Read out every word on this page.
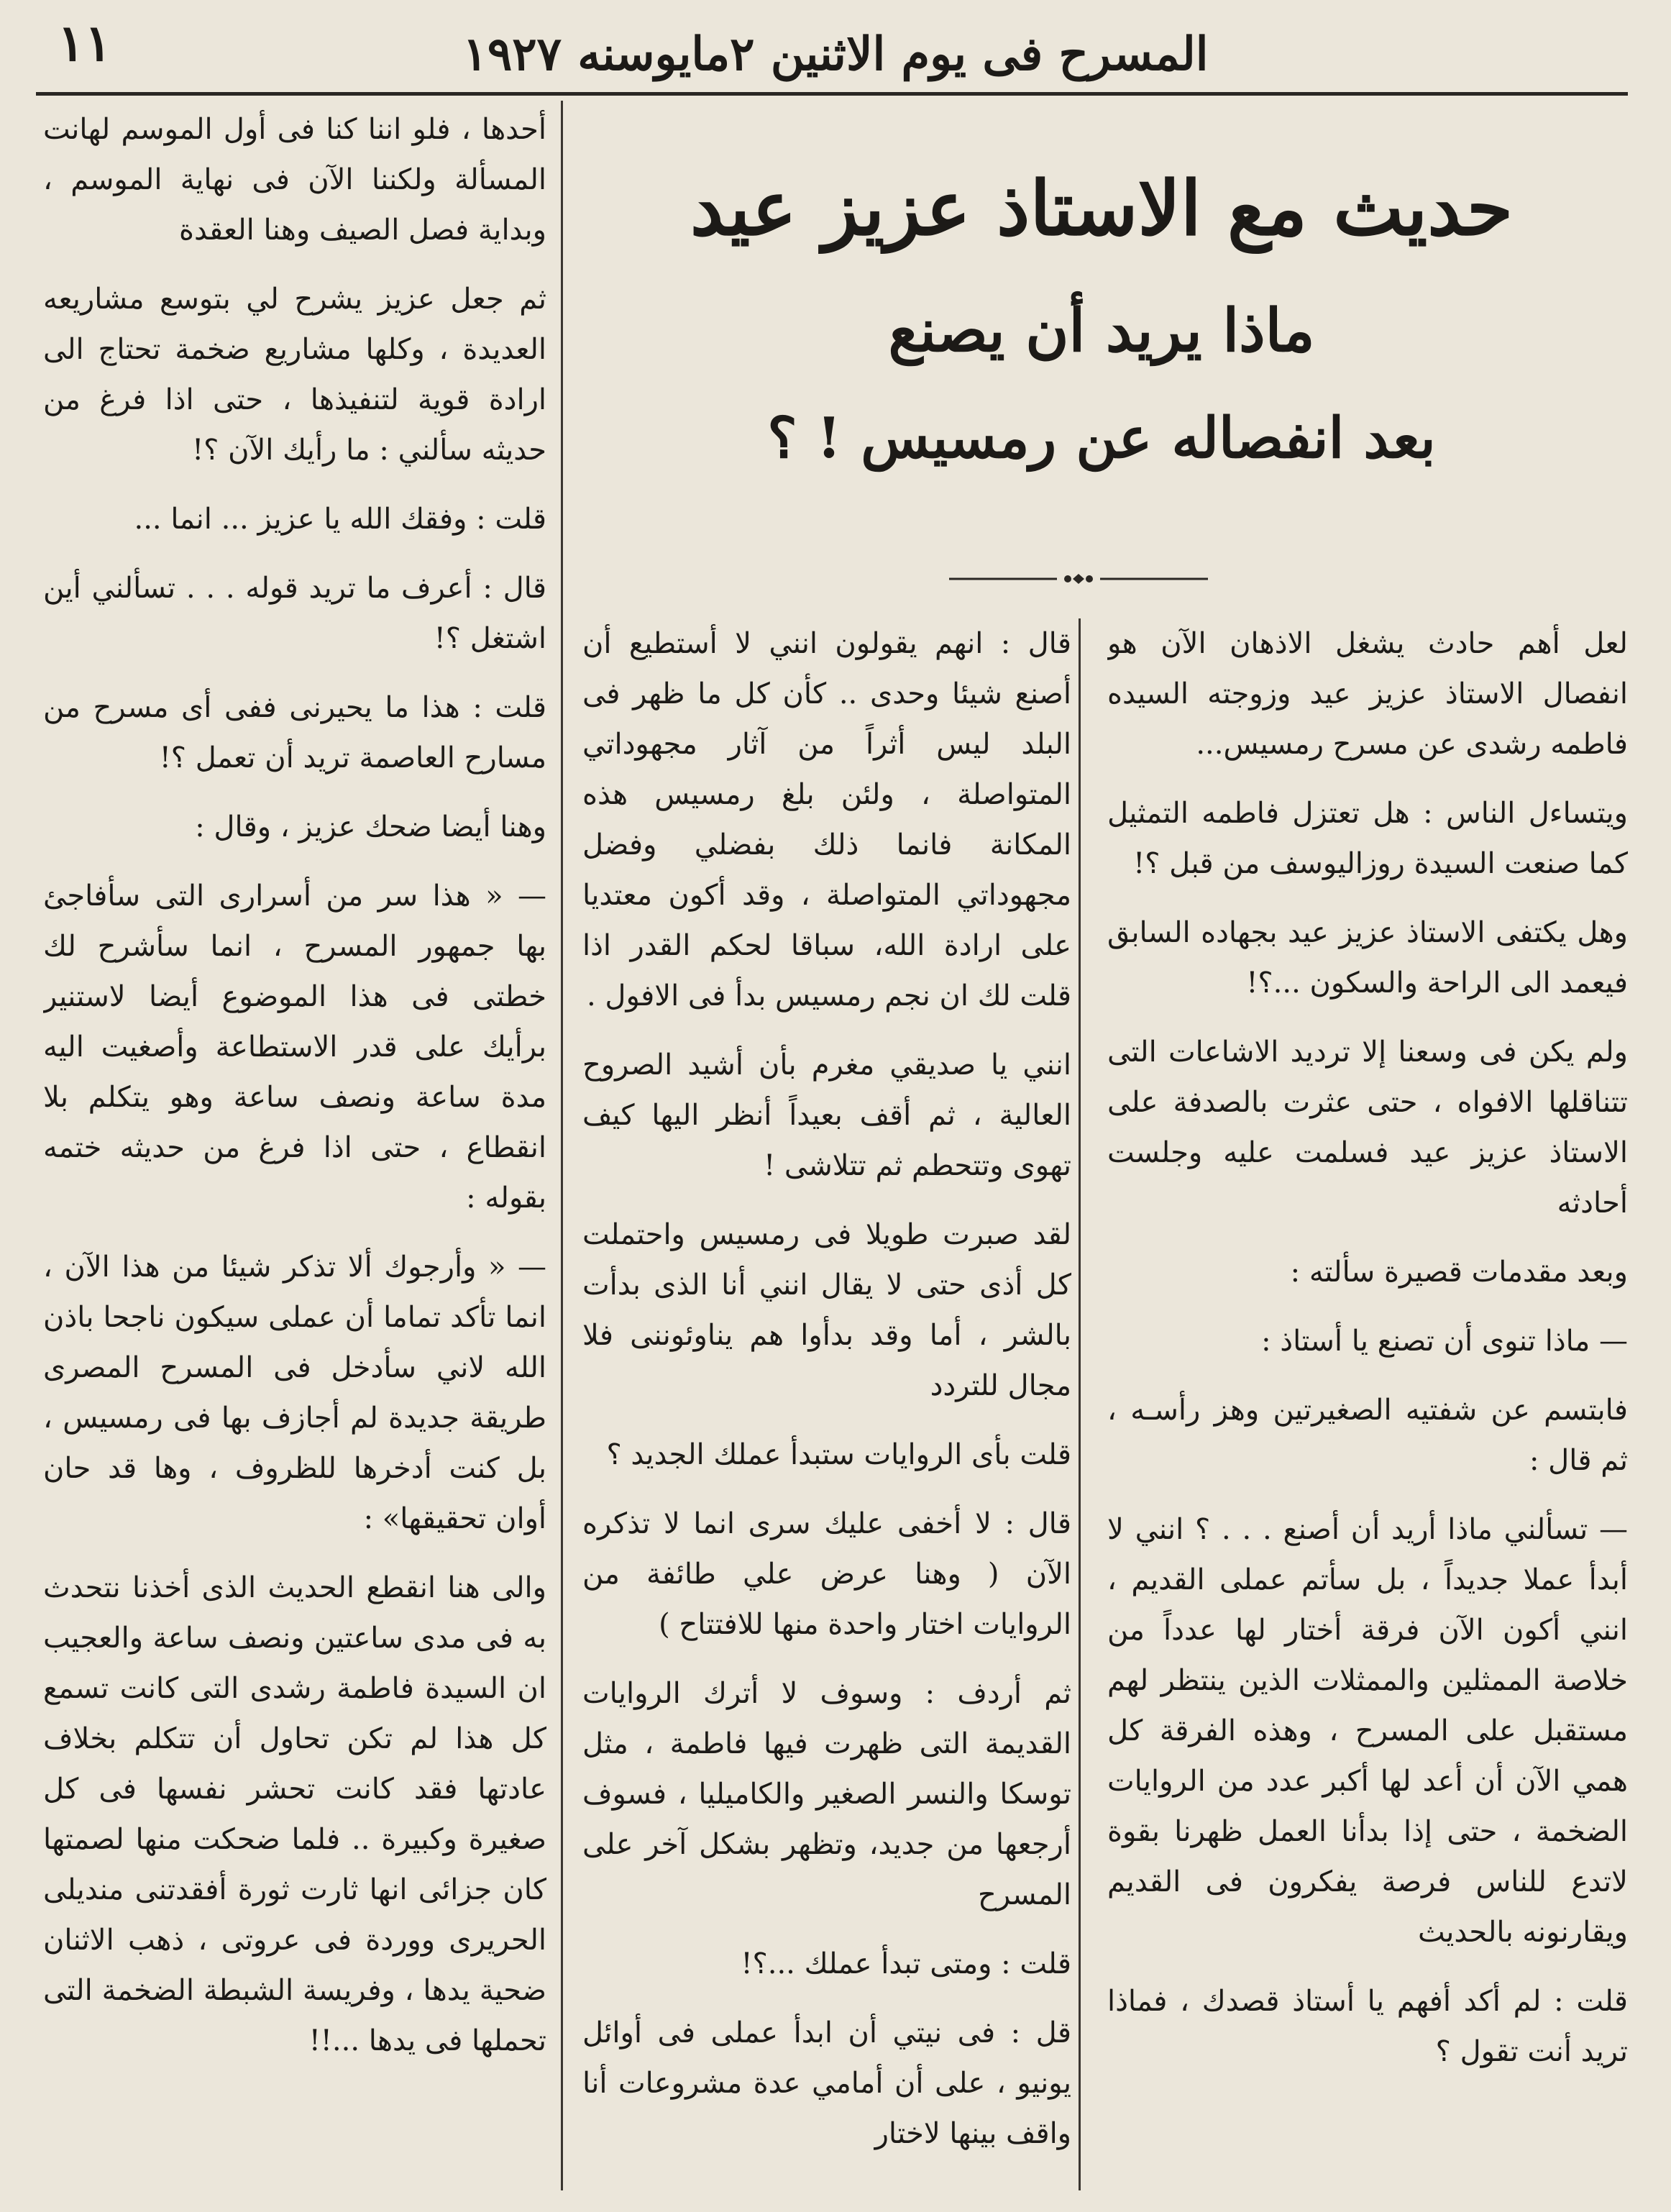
المسرح فى يوم الاثنين ٢مايوسنه ١٩٢٧
١١
حديث مع الاستاذ عزيز عيد
ماذا يريد أن يصنع
بعد انفصاله عن رمسيس ! ؟

لعل أهم حادث يشغل الاذهان الآن هو انفصال الاستاذ عزيز عيد وزوجته السيده فاطمه رشدى عن مسرح رمسيس...

ويتساءل الناس : هل تعتزل فاطمه التمثيل كما صنعت السيدة روزاليوسف من قبل ؟!

وهل يكتفى الاستاذ عزيز عيد بجهاده السابق فيعمد الى الراحة والسكون ...؟!

ولم يكن فى وسعنا إلا ترديد الاشاعات التى تتناقلها الافواه ، حتى عثرت بالصدفة على الاستاذ عزيز عيد فسلمت عليه وجلست أحادثه

وبعد مقدمات قصيرة سألته :

— ماذا تنوى أن تصنع يا أستاذ :

فابتسم عن شفتيه الصغيرتين وهز رأسـه ، ثم قال :

— تسألني ماذا أريد أن أصنع . . . ؟ انني لا أبدأ عملا جديداً ، بل سأتم عملى القديم ، انني أكون الآن فرقة أختار لها عدداً من خلاصة الممثلين والممثلات الذين ينتظر لهم مستقبل على المسرح ، وهذه الفرقة كل همي الآن أن أعد لها أكبر عدد من الروايات الضخمة ، حتى إذا بدأنا العمل ظهرنا بقوة لاتدع للناس فرصة يفكرون فى القديم ويقارنونه بالحديث

قلت : لم أكد أفهم يا أستاذ قصدك ، فماذا تريد أنت تقول ؟

قال : انهم يقولون انني لا أستطيع أن أصنع شيئا وحدى .. كأن كل ما ظهر فى البلد ليس أثراً من آثار مجهوداتي المتواصلة ، ولئن بلغ رمسيس هذه المكانة فانما ذلك بفضلي وفضل مجهوداتي المتواصلة ، وقد أكون معتديا على ارادة الله، سباقا لحكم القدر اذا قلت لك ان نجم رمسيس بدأ فى الافول .

انني يا صديقي مغرم بأن أشيد الصروح العالية ، ثم أقف بعيداً أنظر اليها كيف تهوى وتتحطم ثم تتلاشى !

لقد صبرت طويلا فى رمسيس واحتملت كل أذى حتى لا يقال انني أنا الذى بدأت بالشر ، أما وقد بدأوا هم يناوئوننى فلا مجال للتردد

قلت بأى الروايات ستبدأ عملك الجديد ؟

قال : لا أخفى عليك سرى انما لا تذكره الآن ( وهنا عرض علي طائفة من الروايات اختار واحدة منها للافتتاح )

ثم أردف : وسوف لا أترك الروايات القديمة التى ظهرت فيها فاطمة ، مثل توسكا والنسر الصغير والكاميليا ، فسوف أرجعها من جديد، وتظهر بشكل آخر على المسرح

قلت : ومتى تبدأ عملك ...؟!

قل : فى نيتي أن ابدأ عملى فى أوائل يونيو ، على أن أمامي عدة مشروعات أنا واقف بينها لاختار

أحدها ، فلو اننا كنا فى أول الموسم لهانت المسألة ولكننا الآن فى نهاية الموسم ، وبداية فصل الصيف وهنا العقدة

ثم جعل عزيز يشرح لي بتوسع مشاريعه العديدة ، وكلها مشاريع ضخمة تحتاج الى ارادة قوية لتنفيذها ، حتى اذا فرغ من حديثه سألني : ما رأيك الآن ؟!

قلت : وفقك الله يا عزيز ... انما ...

قال : أعرف ما تريد قوله . . . تسألني أين اشتغل ؟!

قلت : هذا ما يحيرنى ففى أى مسرح من مسارح العاصمة تريد أن تعمل ؟!

وهنا أيضا ضحك عزيز ، وقال :

— « هذا سر من أسرارى التى سأفاجئ بها جمهور المسرح ، انما سأشرح لك خطتى فى هذا الموضوع أيضا لاستنير برأيك على قدر الاستطاعة وأصغيت اليه مدة ساعة ونصف ساعة وهو يتكلم بلا انقطاع ، حتى اذا فرغ من حديثه ختمه بقوله :

— « وأرجوك ألا تذكر شيئا من هذا الآن ، انما تأكد تماما أن عملى سيكون ناجحا باذن الله لاني سأدخل فى المسرح المصرى طريقة جديدة لم أجازف بها فى رمسيس ، بل كنت أدخرها للظروف ، وها قد حان أوان تحقيقها» :

والى هنا انقطع الحديث الذى أخذنا نتحدث به فى مدى ساعتين ونصف ساعة والعجيب ان السيدة فاطمة رشدى التى كانت تسمع كل هذا لم تكن تحاول أن تتكلم بخلاف عادتها فقد كانت تحشر نفسها فى كل صغيرة وكبيرة .. فلما ضحكت منها لصمتها كان جزائى انها ثارت ثورة أفقدتنى منديلى الحريرى ووردة فى عروتى ، ذهب الاثنان ضحية يدها ، وفريسة الشبطة الضخمة التى تحملها فى يدها ...!!
